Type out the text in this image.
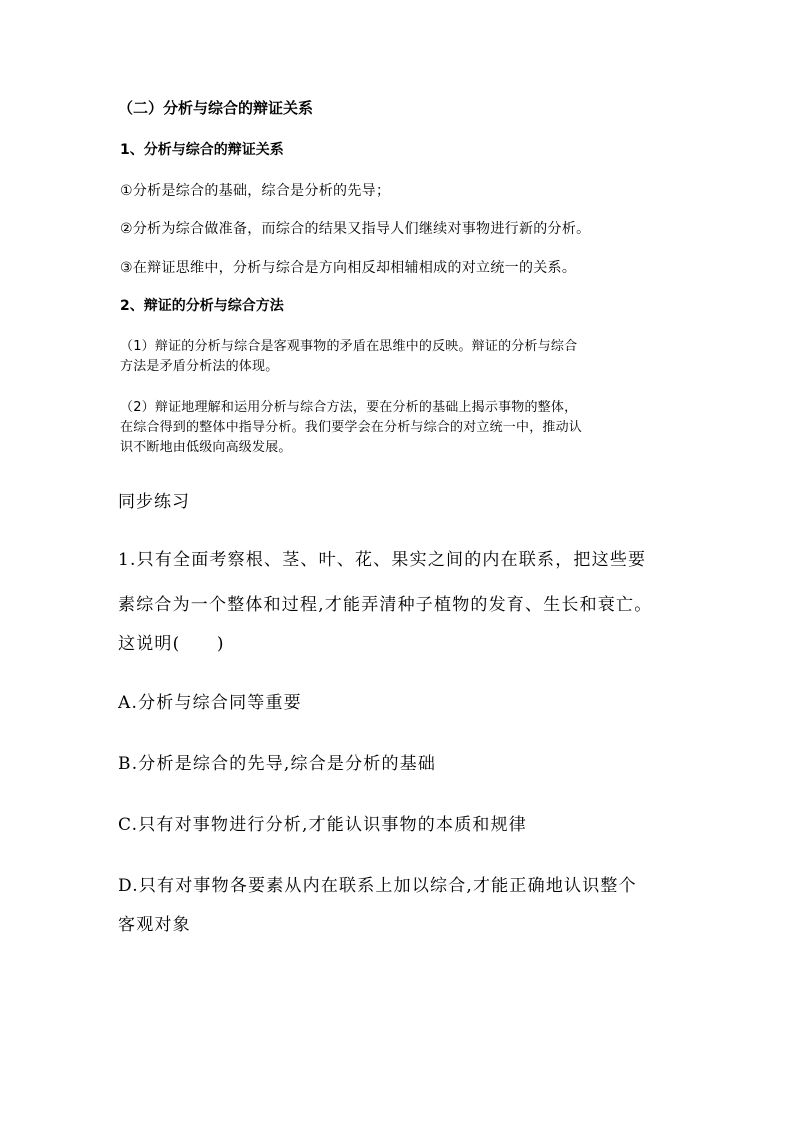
（二）分析与综合的辩证关系
1、分析与综合的辩证关系
①分析是综合的基础，综合是分析的先导；
②分析为综合做准备，而综合的结果又指导人们继续对事物进行新的分析。
③在辩证思维中，分析与综合是方向相反却相辅相成的对立统一的关系。
2、辩证的分析与综合方法
（1）辩证的分析与综合是客观事物的矛盾在思维中的反映。辩证的分析与综合
方法是矛盾分析法的体现。
（2）辩证地理解和运用分析与综合方法，要在分析的基础上揭示事物的整体，
在综合得到的整体中指导分析。我们要学会在分析与综合的对立统一中，推动认
识不断地由低级向高级发展。
同步练习
1.只有全面考察根、茎、叶、花、果实之间的内在联系，把这些要
素综合为一个整体和过程,才能弄清种子植物的发育、生长和衰亡。
这说明(　　)
A.分析与综合同等重要
B.分析是综合的先导,综合是分析的基础
C.只有对事物进行分析,才能认识事物的本质和规律
D.只有对事物各要素从内在联系上加以综合,才能正确地认识整个
客观对象
